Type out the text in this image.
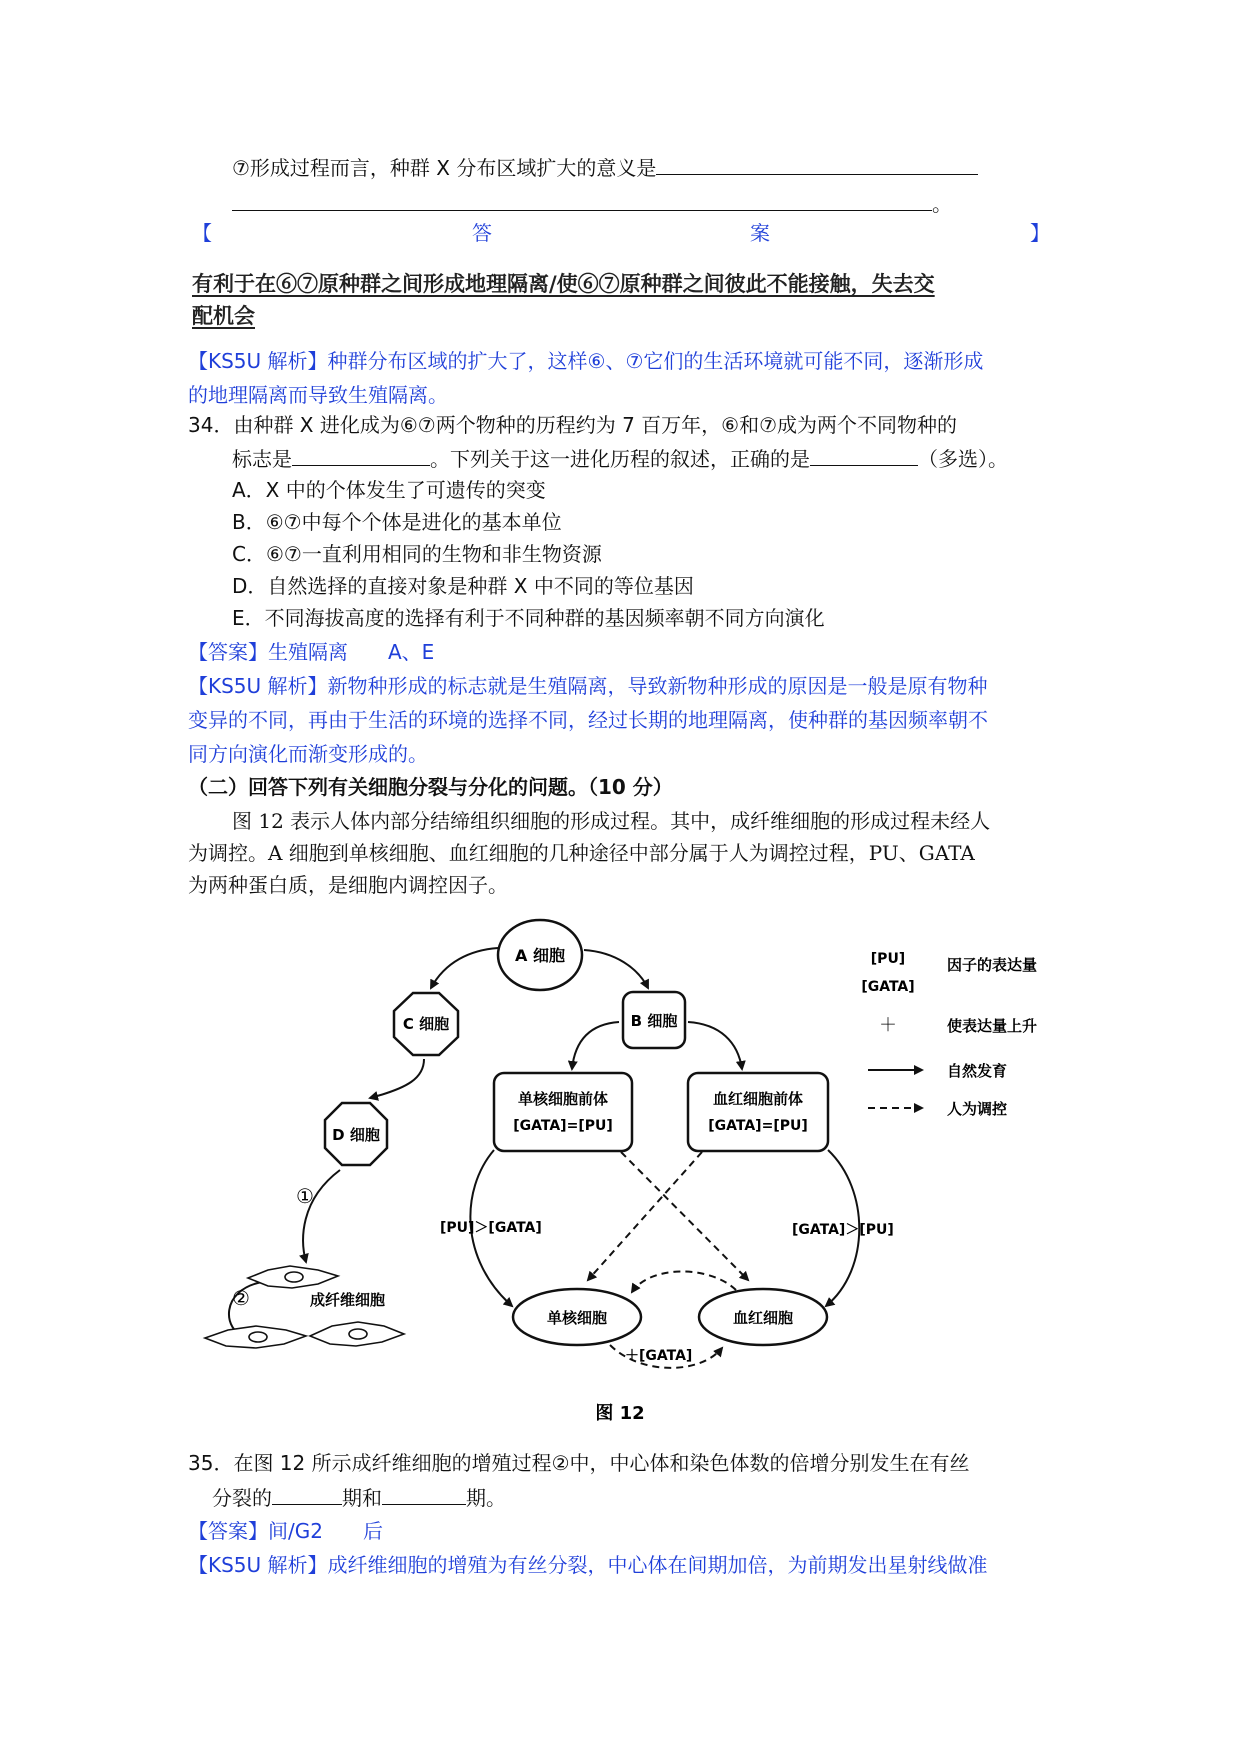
⑦形成过程而言，种群 X 分布区域扩大的意义是
。
【	答	案	】
有利于在⑥⑦原种群之间形成地理隔离/使⑥⑦原种群之间彼此不能接触，失去交
配机会
【KS5U 解析】种群分布区域的扩大了，这样⑥、⑦它们的生活环境就可能不同，逐渐形成
的地理隔离而导致生殖隔离。
34．由种群 X 进化成为⑥⑦两个物种的历程约为 7 百万年，⑥和⑦成为两个不同物种的
标志是	。下列关于这一进化历程的叙述，正确的是	（多选）。
A．X 中的个体发生了可遗传的突变
B．⑥⑦中每个个体是进化的基本单位
C．⑥⑦一直利用相同的生物和非生物资源
D．自然选择的直接对象是种群 X 中不同的等位基因
E．不同海拔高度的选择有利于不同种群的基因频率朝不同方向演化
【答案】生殖隔离　　A、E
【KS5U 解析】新物种形成的标志就是生殖隔离，导致新物种形成的原因是一般是原有物种
变异的不同，再由于生活的环境的选择不同，经过长期的地理隔离，使种群的基因频率朝不
同方向演化而渐变形成的。
（二）回答下列有关细胞分裂与分化的问题。（10 分）
图 12 表示人体内部分结缔组织细胞的形成过程。其中，成纤维细胞的形成过程未经人
为调控。A 细胞到单核细胞、血红细胞的几种途径中部分属于人为调控过程，PU、GATA
为两种蛋白质，是细胞内调控因子。
A 细胞
C 细胞	B 细胞
D 细胞
单核细胞前体
[GATA]=[PU]
血红细胞前体
[GATA]=[PU]
单核细胞	血红细胞
[PU]＞[GATA]	[GATA]＞[PU]
＋[GATA]
①
②	成纤维细胞
[PU]
[GATA]
因子的表达量
＋	使表达量上升
自然发育
人为调控
图 12
35．在图 12 所示成纤维细胞的增殖过程②中，中心体和染色体数的倍增分别发生在有丝
分裂的	期和	期。
【答案】间/G2　　后
【KS5U 解析】成纤维细胞的增殖为有丝分裂，中心体在间期加倍，为前期发出星射线做准
